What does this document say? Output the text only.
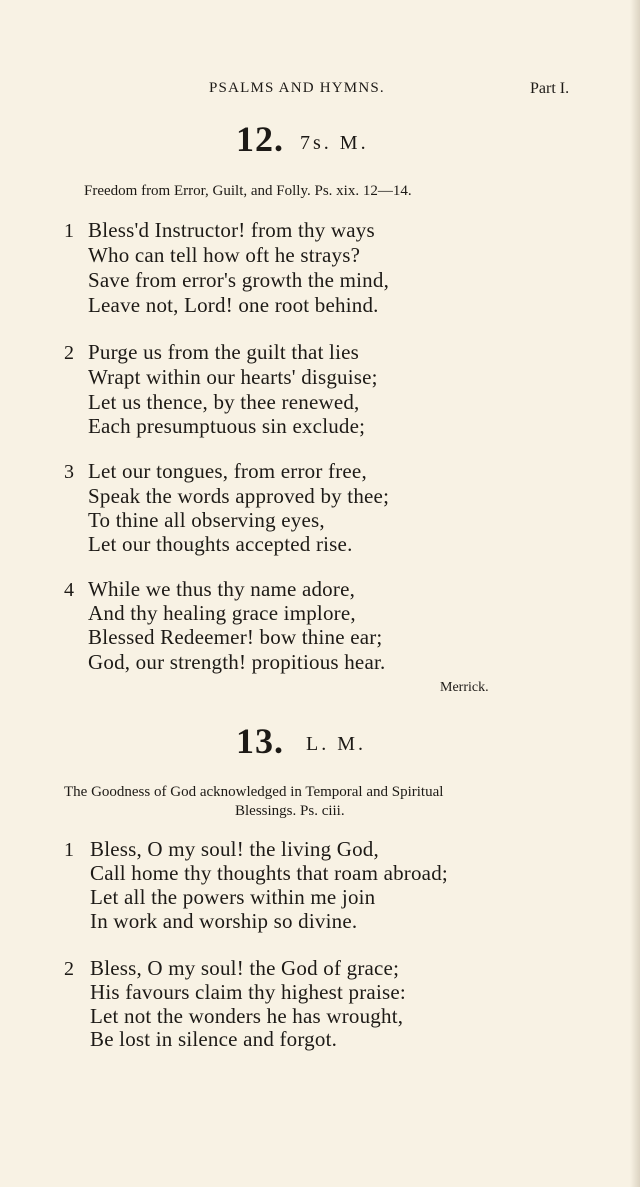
PSALMS AND HYMNS.	Part I.
12. 7s. M.
Freedom from Error, Guilt, and Folly. Ps. xix. 12—14.
1 Bless'd Instructor! from thy ways
Who can tell how oft he strays?
Save from error's growth the mind,
Leave not, Lord! one root behind.
2 Purge us from the guilt that lies
Wrapt within our hearts' disguise;
Let us thence, by thee renewed,
Each presumptuous sin exclude;
3 Let our tongues, from error free,
Speak the words approved by thee;
To thine all observing eyes,
Let our thoughts accepted rise.
4 While we thus thy name adore,
And thy healing grace implore,
Blessed Redeemer! bow thine ear;
God, our strength! propitious hear.
Merrick.
13. L. M.
The Goodness of God acknowledged in Temporal and Spiritual
Blessings. Ps. ciii.
1 Bless, O my soul! the living God,
Call home thy thoughts that roam abroad;
Let all the powers within me join
In work and worship so divine.
2 Bless, O my soul! the God of grace;
His favours claim thy highest praise:
Let not the wonders he has wrought,
Be lost in silence and forgot.
